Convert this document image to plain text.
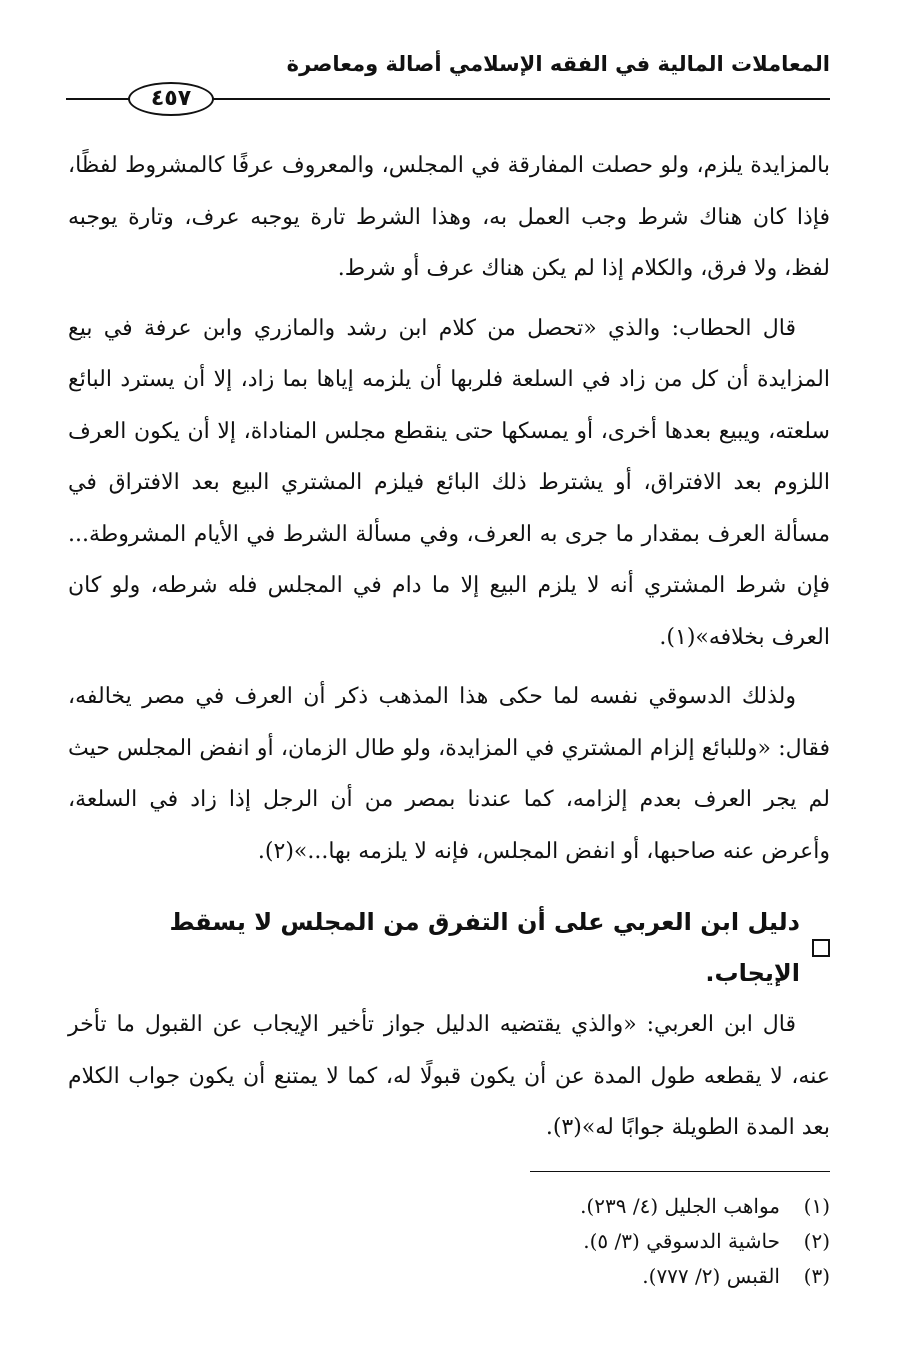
المعاملات المالية في الفقه الإسلامي أصالة ومعاصرة
٤٥٧

بالمزايدة يلزم، ولو حصلت المفارقة في المجلس، والمعروف عرفًا كالمشروط لفظًا، فإذا كان هناك شرط وجب العمل به، وهذا الشرط تارة يوجبه عرف، وتارة يوجبه لفظ، ولا فرق، والكلام إذا لم يكن هناك عرف أو شرط.

قال الحطاب: والذي «تحصل من كلام ابن رشد والمازري وابن عرفة في بيع المزايدة أن كل من زاد في السلعة فلربها أن يلزمه إياها بما زاد، إلا أن يسترد البائع سلعته، ويبيع بعدها أخرى، أو يمسكها حتى ينقطع مجلس المناداة، إلا أن يكون العرف اللزوم بعد الافتراق، أو يشترط ذلك البائع فيلزم المشتري البيع بعد الافتراق في مسألة العرف بمقدار ما جرى به العرف، وفي مسألة الشرط في الأيام المشروطة... فإن شرط المشتري أنه لا يلزم البيع إلا ما دام في المجلس فله شرطه، ولو كان العرف بخلافه»(١).

ولذلك الدسوقي نفسه لما حكى هذا المذهب ذكر أن العرف في مصر يخالفه، فقال: «وللبائع إلزام المشتري في المزايدة، ولو طال الزمان، أو انفض المجلس حيث لم يجر العرف بعدم إلزامه، كما عندنا بمصر من أن الرجل إذا زاد في السلعة، وأعرض عنه صاحبها، أو انفض المجلس، فإنه لا يلزمه بها...»(٢).

دليل ابن العربي على أن التفرق من المجلس لا يسقط الإيجاب.

قال ابن العربي: «والذي يقتضيه الدليل جواز تأخير الإيجاب عن القبول ما تأخر عنه، لا يقطعه طول المدة عن أن يكون قبولًا له، كما لا يمتنع أن يكون جواب الكلام بعد المدة الطويلة جوابًا له»(٣).

(١)
مواهب الجليل (٤/ ٢٣٩).
(٢)
حاشية الدسوقي (٣/ ٥).
(٣)
القبس (٢/ ٧٧٧).
